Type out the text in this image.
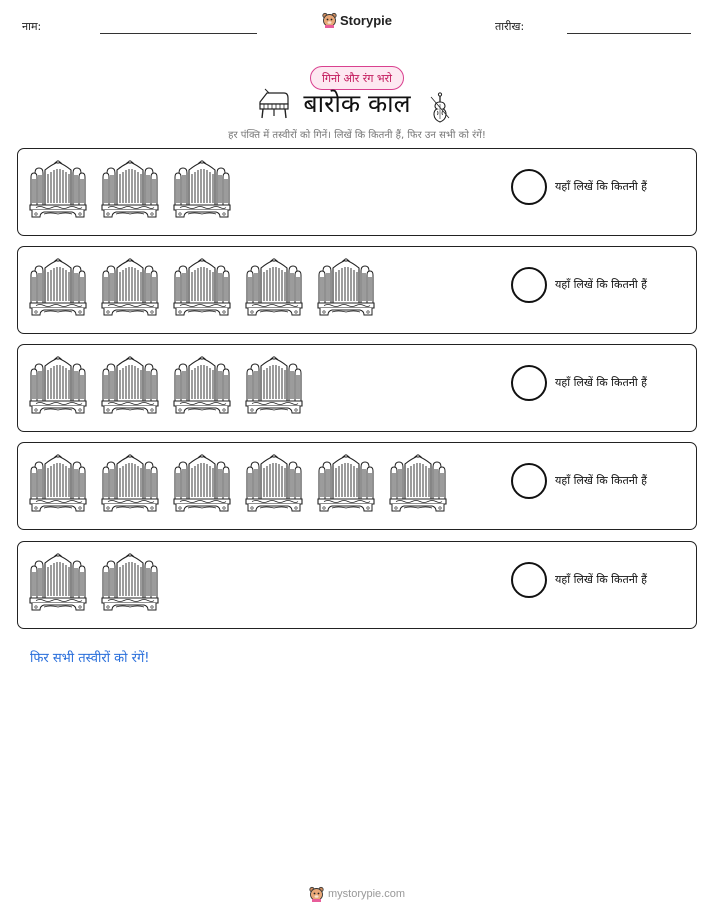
नाम:	Storypie	तारीख:
गिनो और रंग भरो
बारोक काल
हर पंक्ति में तस्वीरों को गिनें। लिखें कि कितनी हैं, फिर उन सभी को रंगें!
यहाँ लिखें कि कितनी हैं
यहाँ लिखें कि कितनी हैं
यहाँ लिखें कि कितनी हैं
यहाँ लिखें कि कितनी हैं
यहाँ लिखें कि कितनी हैं
फिर सभी तस्वीरों को रंगें!
mystorypie.com
